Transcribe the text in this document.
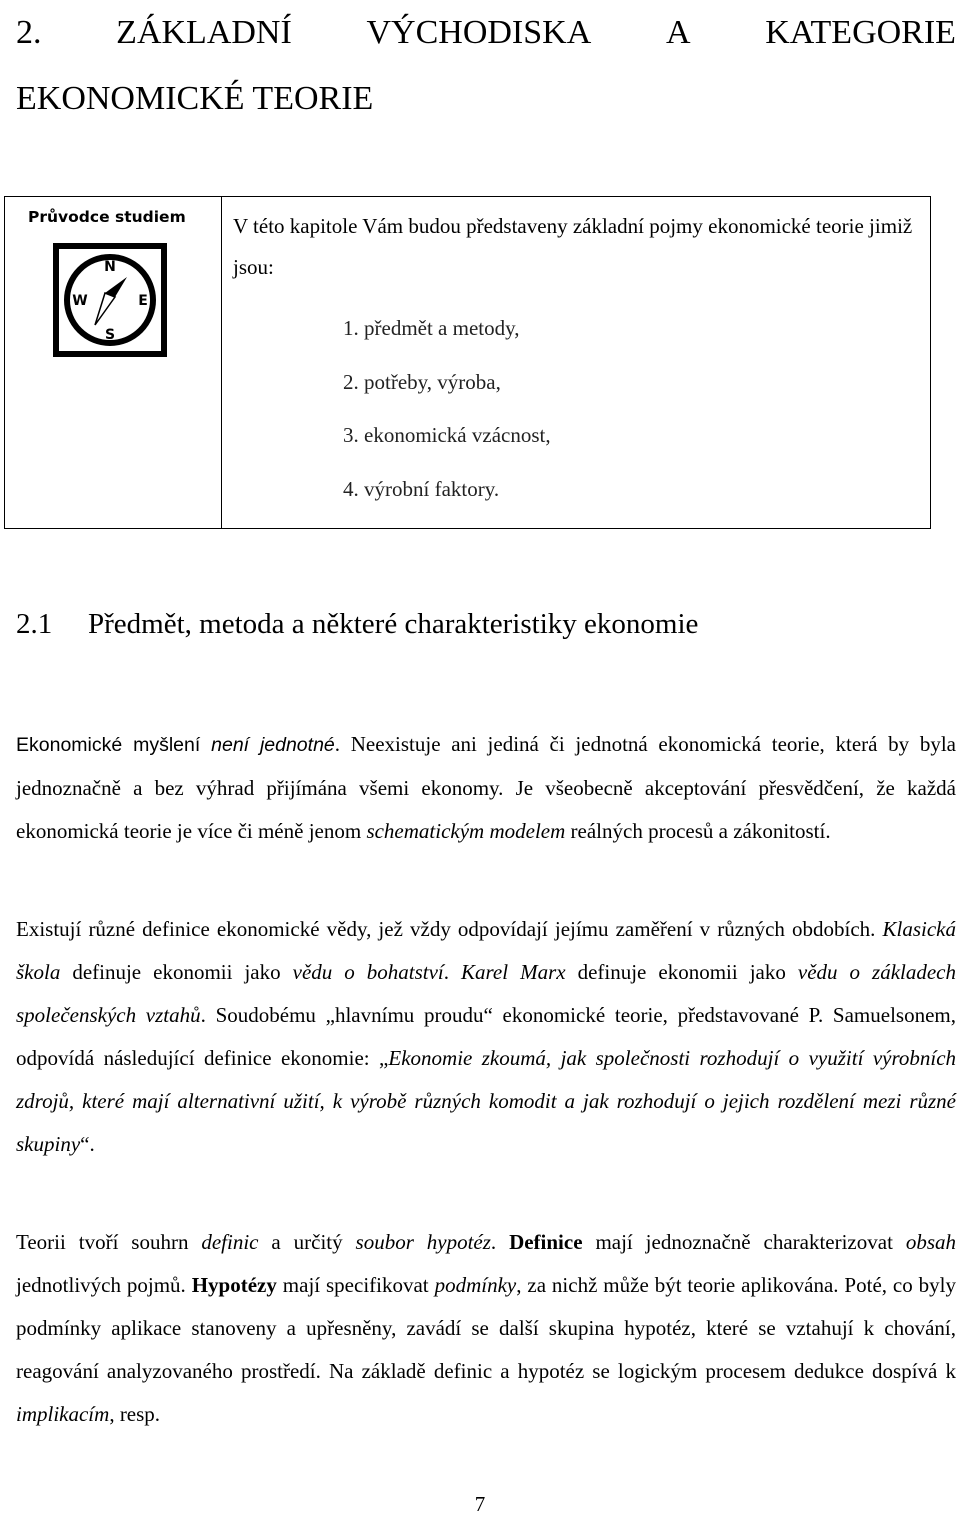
2. ZÁKLADNÍ VÝCHODISKA A KATEGORIE
EKONOMICKÉ TEORIE
Průvodce studiem
N
W	E
S
V této kapitole Vám budou představeny základní pojmy ekonomické teorie jimiž jsou:
1. předmět a metody,
2. potřeby, výroba,
3. ekonomická vzácnost,
4. výrobní faktory.
2.1 Předmět, metoda a některé charakteristiky ekonomie

Ekonomické myšlení není jednotné. Neexistuje ani jediná či jednotná ekonomická teorie, která by byla jednoznačně a bez výhrad přijímána všemi ekonomy. Je všeobecně akceptování přesvědčení, že každá ekonomická teorie je více či méně jenom schematickým modelem reálných procesů a zákonitostí.

Existují různé definice ekonomické vědy, jež vždy odpovídají jejímu zaměření v různých obdobích. Klasická škola definuje ekonomii jako vědu o bohatství. Karel Marx definuje ekonomii jako vědu o základech společenských vztahů. Soudobému „hlavnímu proudu“ ekonomické teorie, představované P. Samuelsonem, odpovídá následující definice ekonomie: „Ekonomie zkoumá, jak společnosti rozhodují o využití výrobních zdrojů, které mají alternativní užití, k výrobě různých komodit a jak rozhodují o jejich rozdělení mezi různé skupiny“.

Teorii tvoří souhrn definic a určitý soubor hypotéz. Definice mají jednoznačně charakterizovat obsah jednotlivých pojmů. Hypotézy mají specifikovat podmínky, za nichž může být teorie aplikována. Poté, co byly podmínky aplikace stanoveny a upřesněny, zavádí se další skupina hypotéz, které se vztahují k chování, reagování analyzovaného prostředí. Na základě definic a hypotéz se logickým procesem dedukce dospívá k implikacím, resp.

7
